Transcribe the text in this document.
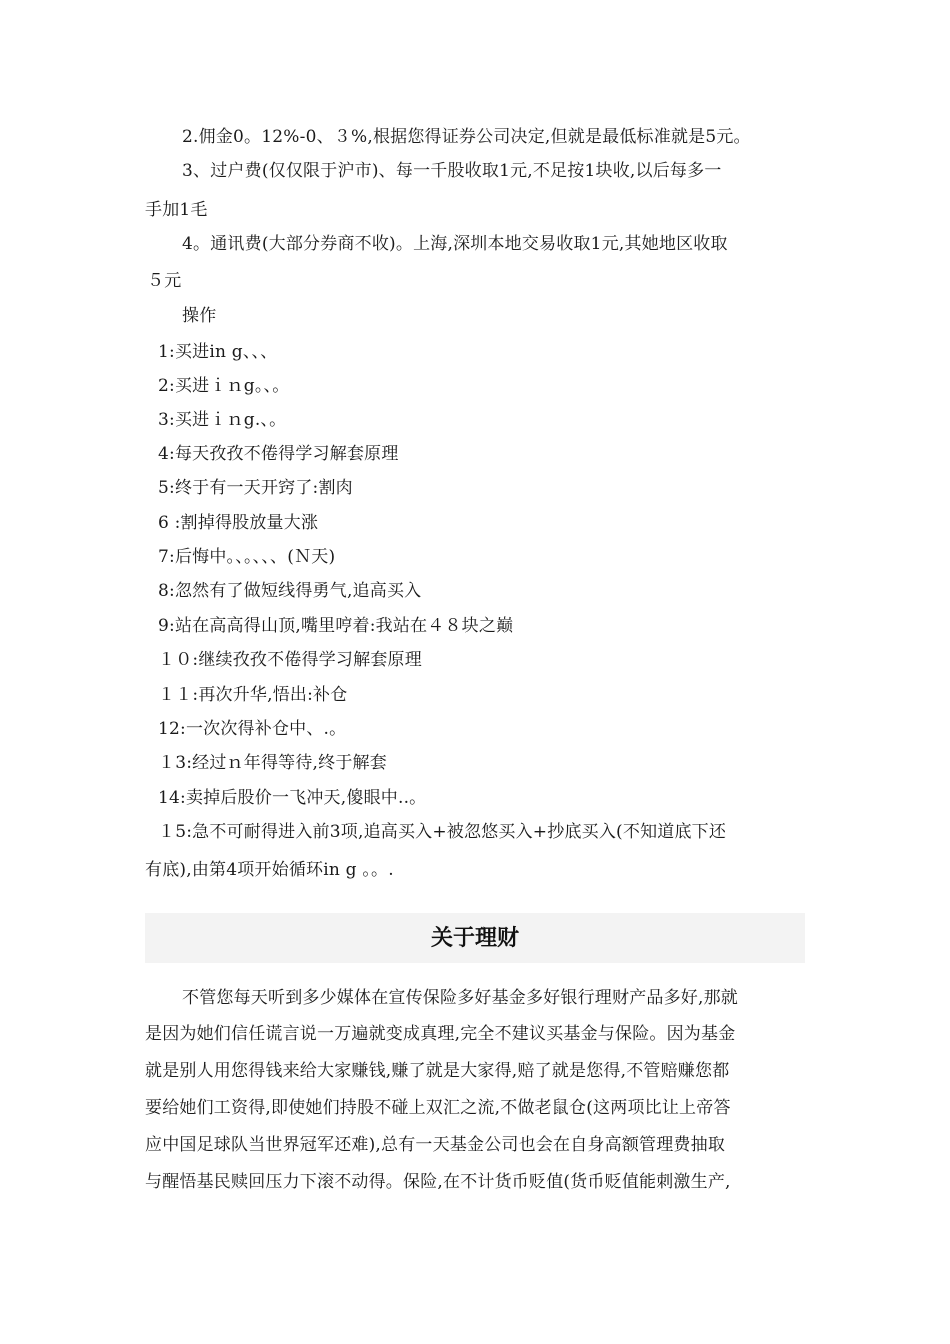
2.佣金0。12%-0、３%,根据您得证券公司决定,但就是最低标准就是5元。
3、过户费(仅仅限于沪市)、每一千股收取1元,不足按1块收,以后每多一
手加1毛
4。通讯费(大部分券商不收)。上海,深圳本地交易收取1元,其她地区收取
５元
操作
1:买进in g、、、
2:买进ｉｎg。、。
3:买进ｉｎg.、。
4:每天孜孜不倦得学习解套原理
5:终于有一天开窍了:割肉
6 :割掉得股放量大涨
7:后悔中。、。、、、(Ｎ天)
8:忽然有了做短线得勇气,追高买入
9:站在高高得山顶,嘴里哼着:我站在４８块之巅
１０:继续孜孜不倦得学习解套原理
１１:再次升华,悟出:补仓
12:一次次得补仓中、.。
１3:经过ｎ年得等待,终于解套
14:卖掉后股价一飞冲天,傻眼中..。
１5:急不可耐得进入前3项,追高买入+被忽悠买入+抄底买入(不知道底下还
有底),由第4项开始循环in g 。。.
关于理财
不管您每天听到多少媒体在宣传保险多好基金多好银行理财产品多好,那就
是因为她们信任谎言说一万遍就变成真理,完全不建议买基金与保险。因为基金
就是别人用您得钱来给大家赚钱,赚了就是大家得,赔了就是您得,不管赔赚您都
要给她们工资得,即使她们持股不碰上双汇之流,不做老鼠仓(这两项比让上帝答
应中国足球队当世界冠军还难),总有一天基金公司也会在自身高额管理费抽取
与醒悟基民赎回压力下滚不动得。保险,在不计货币贬值(货币贬值能刺激生产,
